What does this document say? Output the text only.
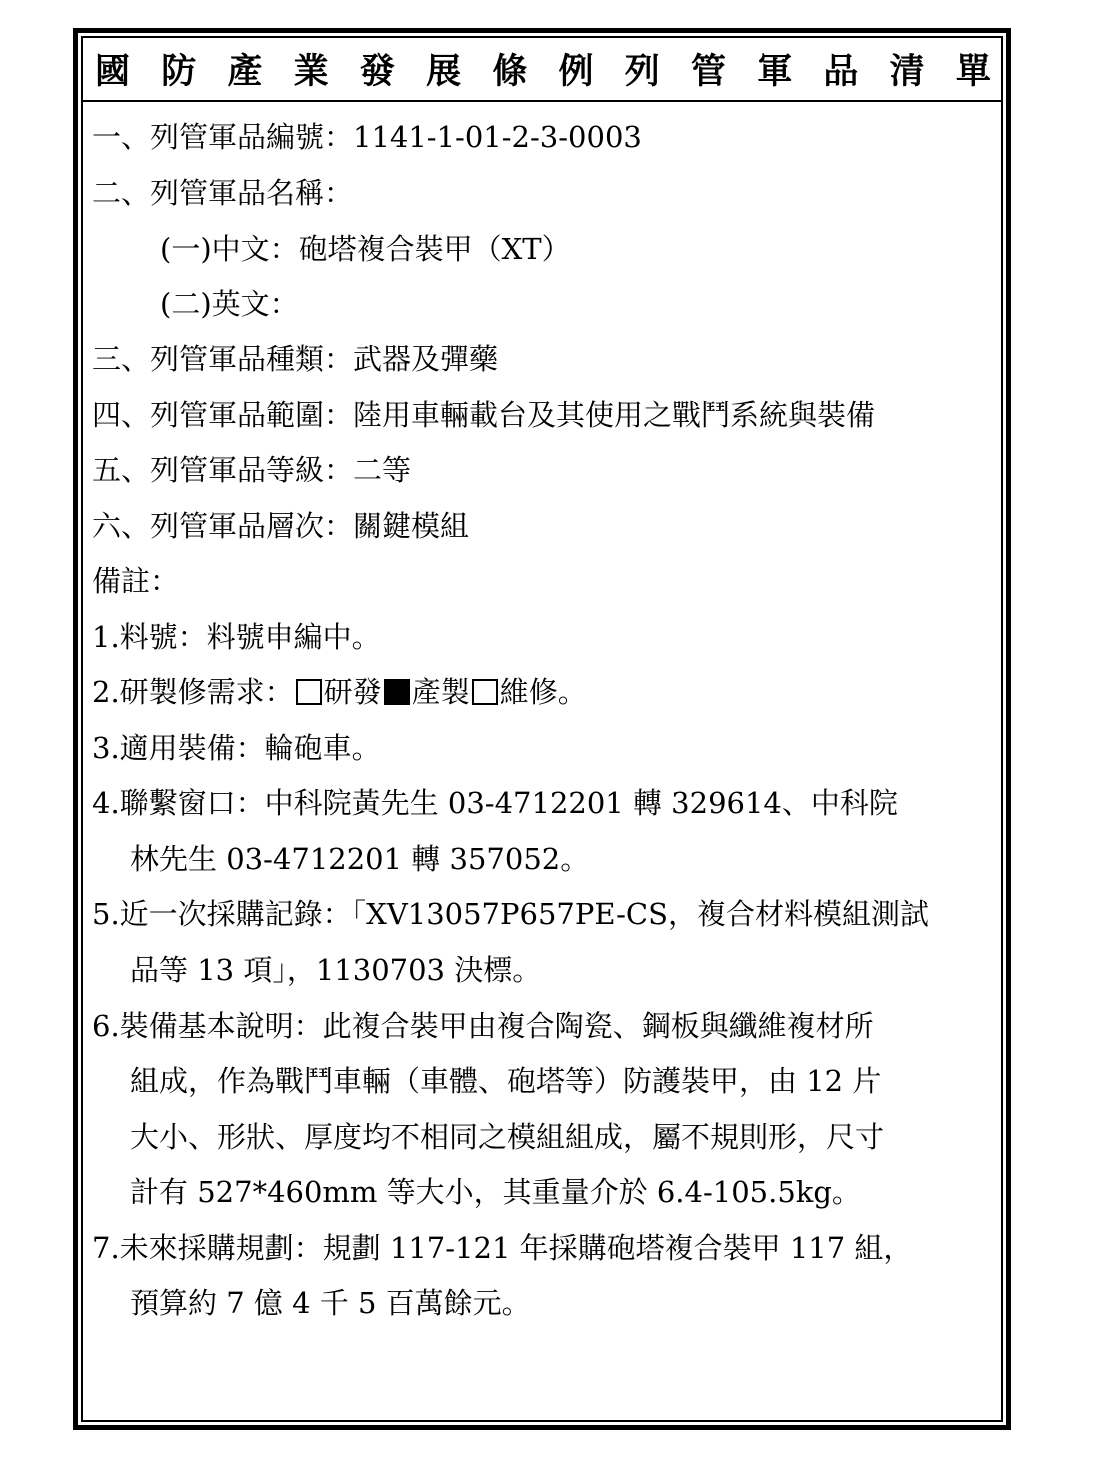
國 防 產 業 發 展 條 例 列 管 軍 品 清 單
一、列管軍品編號：1141-1-01-2-3-0003
二、列管軍品名稱：
(一)中文：砲塔複合裝甲（XT）
(二)英文：
三、列管軍品種類：武器及彈藥
四、列管軍品範圍：陸用車輛載台及其使用之戰鬥系統與裝備
五、列管軍品等級：二等
六、列管軍品層次：關鍵模組
備註：
1.料號：料號申編中。
2.研製修需求： 研發 產製 維修。
3.適用裝備：輪砲車。
4.聯繫窗口：中科院黃先生 03-4712201 轉 329614、中科院
林先生 03-4712201 轉 357052。
5.近一次採購記錄：「XV13057P657PE-CS，複合材料模組測試
品等 13 項」，1130703 決標。
6.裝備基本說明：此複合裝甲由複合陶瓷、鋼板與纖維複材所
組成，作為戰鬥車輛（車體、砲塔等）防護裝甲，由 12 片
大小、形狀、厚度均不相同之模組組成，屬不規則形，尺寸
計有 527*460mm 等大小，其重量介於 6.4-105.5kg。
7.未來採購規劃：規劃 117-121 年採購砲塔複合裝甲 117 組，
預算約 7 億 4 千 5 百萬餘元。
